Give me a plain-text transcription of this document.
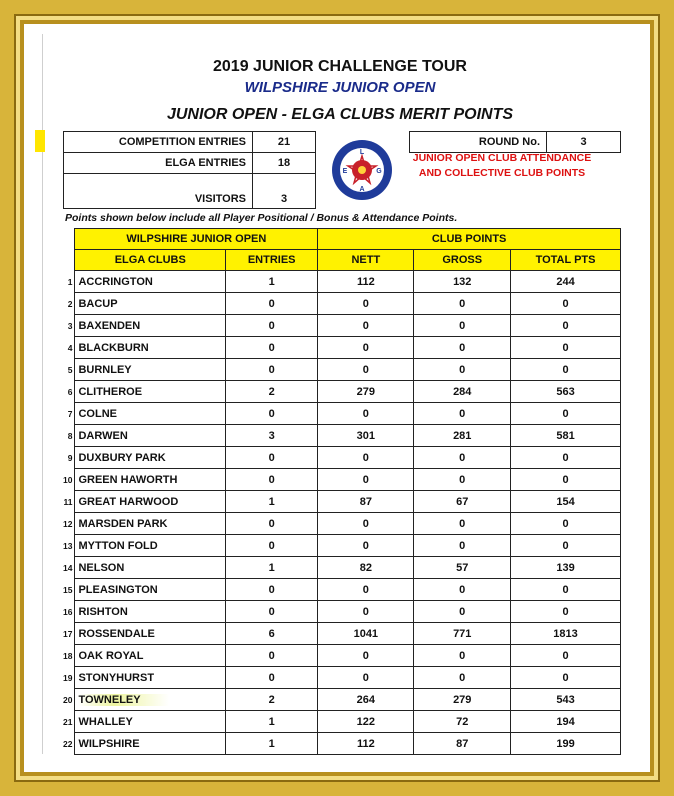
2019 JUNIOR CHALLENGE TOUR
WILPSHIRE JUNIOR OPEN
JUNIOR OPEN - ELGA CLUBS MERIT POINTS
COMPETITION ENTRIES	21
ELGA ENTRIES	18
VISITORS	3
L
E	G
A
ROUND No.	3
JUNIOR OPEN CLUB ATTENDANCE AND COLLECTIVE CLUB POINTS
Points shown below include all Player Positional / Bonus & Attendance Points.
	WILPSHIRE JUNIOR OPEN		CLUB POINTS		
	ELGA CLUBS	ENTRIES	NETT	GROSS	TOTAL PTS
1	ACCRINGTON	1	112	132	244
2	BACUP	0	0	0	0
3	BAXENDEN	0	0	0	0
4	BLACKBURN	0	0	0	0
5	BURNLEY	0	0	0	0
6	CLITHEROE	2	279	284	563
7	COLNE	0	0	0	0
8	DARWEN	3	301	281	581
9	DUXBURY PARK	0	0	0	0
10	GREEN HAWORTH	0	0	0	0
11	GREAT HARWOOD	1	87	67	154
12	MARSDEN PARK	0	0	0	0
13	MYTTON FOLD	0	0	0	0
14	NELSON	1	82	57	139
15	PLEASINGTON	0	0	0	0
16	RISHTON	0	0	0	0
17	ROSSENDALE	6	1041	771	1813
18	OAK ROYAL	0	0	0	0
19	STONYHURST	0	0	0	0
20	TOWNELEY	2	264	279	543
21	WHALLEY	1	122	72	194
22	WILPSHIRE	1	112	87	199
